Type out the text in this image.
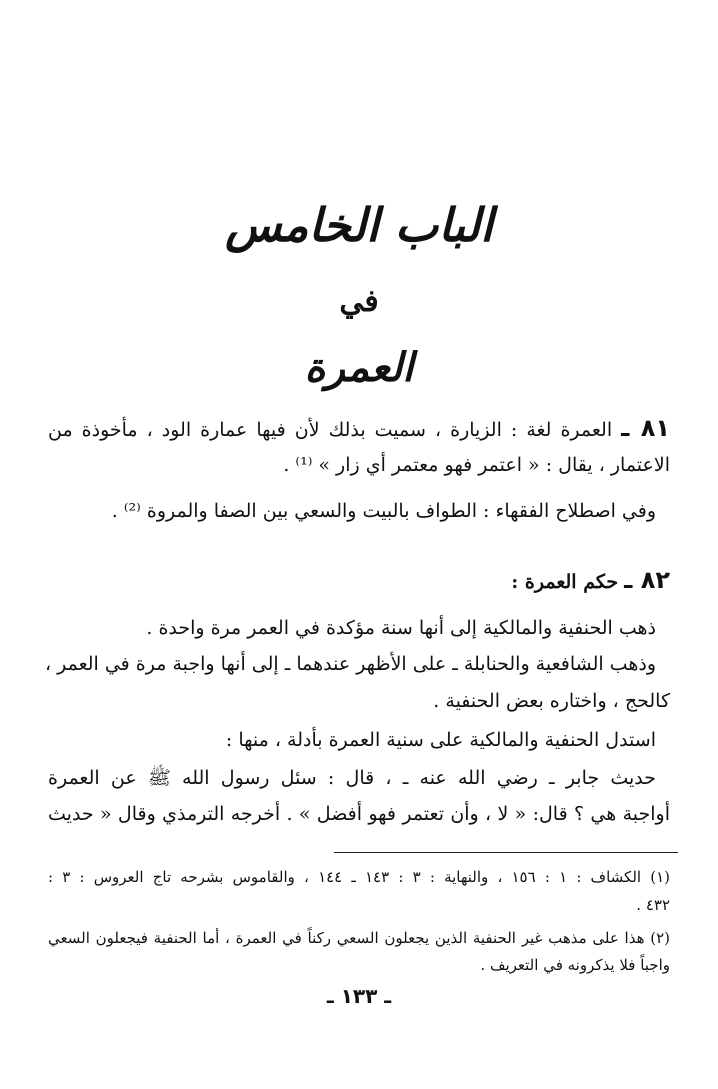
الباب الخامس
في
العمرة
٨١ ـ العمرة لغة : الزيارة ، سميت بذلك لأن فيها عمارة الود ، مأخوذة من
الاعتمار ، يقال : « اعتمر فهو معتمر أي زار » ⁽¹⁾ .
وفي اصطلاح الفقهاء : الطواف بالبيت والسعي بين الصفا والمروة ⁽²⁾ .
٨٢ ـ حكم العمرة :
ذهب الحنفية والمالكية إلى أنها سنة مؤكدة في العمر مرة واحدة .
وذهب الشافعية والحنابلة ـ على الأظهر عندهما ـ إلى أنها واجبة مرة في العمر ،
كالحج ، واختاره بعض الحنفية .
استدل الحنفية والمالكية على سنية العمرة بأدلة ، منها :
حديث جابر ـ رضي الله عنه ـ ، قال : سئل رسول الله ﷺ عن العمرة
أواجبة هي ؟ قال: « لا ، وأن تعتمر فهو أفضل » . أخرجه الترمذي وقال « حديث
(١) الكشاف : ١ : ١٥٦ ، والنهاية : ٣ : ١٤٣ ـ ١٤٤ ، والقاموس بشرحه تاج العروس : ٣ :
٤٣٢ .
(٢) هذا على مذهب غير الحنفية الذين يجعلون السعي ركناً في العمرة ، أما الحنفية فيجعلون السعي
واجباً فلا يذكرونه في التعريف .
ـ ١٣٣ ـ
